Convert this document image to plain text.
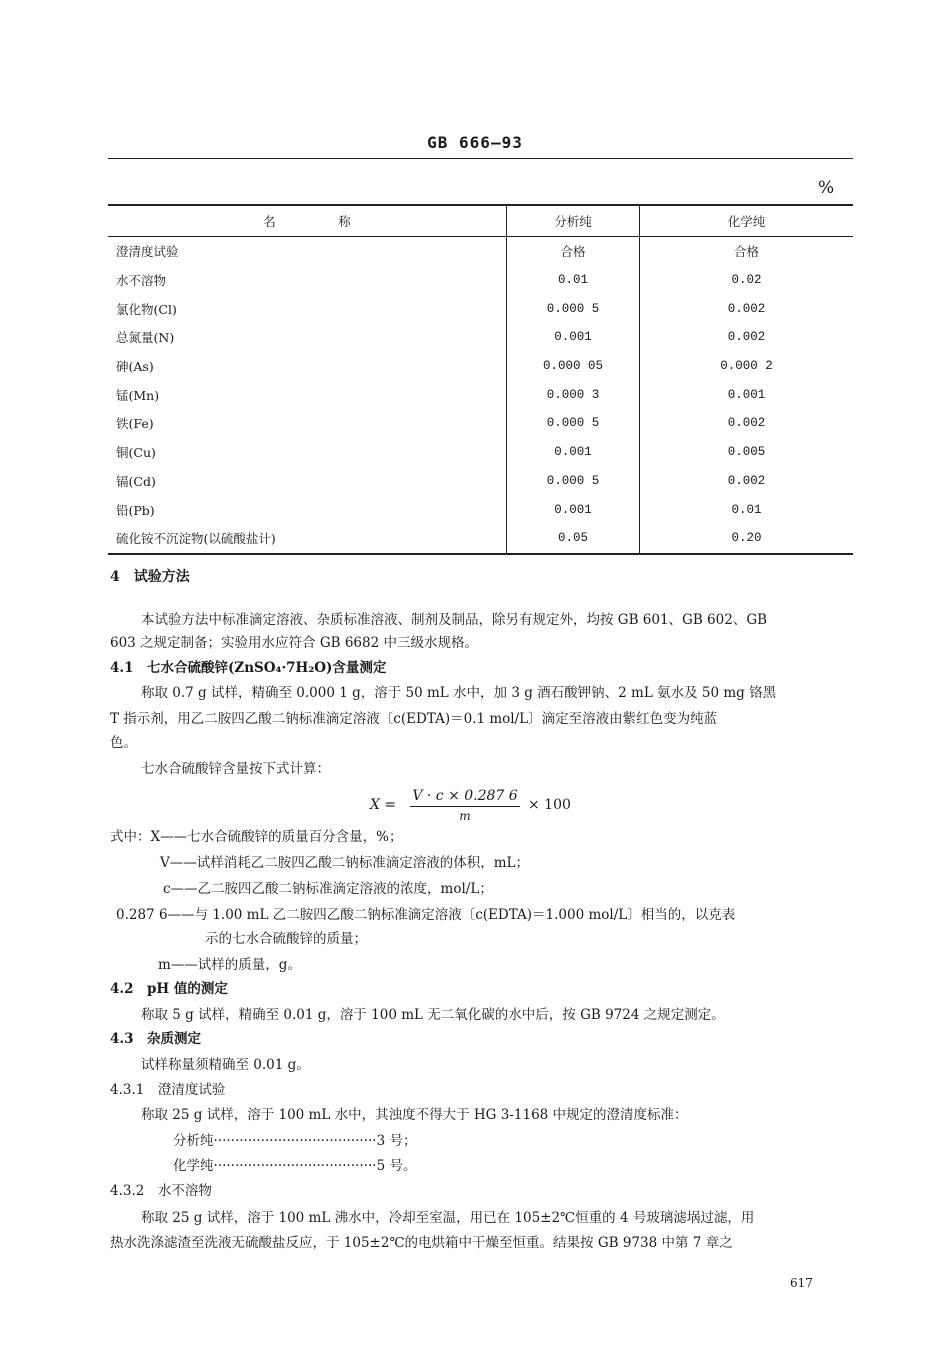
GB 666—93
%
名　　　　　称	分析纯	化学纯
澄清度试验	合格	合格
水不溶物	0.01	0.02
氯化物(Cl)	0.000 5	0.002
总氮量(N)	0.001	0.002
砷(As)	0.000 05	0.000 2
锰(Mn)	0.000 3	0.001
铁(Fe)	0.000 5	0.002
铜(Cu)	0.001	0.005
镉(Cd)	0.000 5	0.002
铅(Pb)	0.001	0.01
硫化铵不沉淀物(以硫酸盐计)	0.05	0.20
4　试验方法
本试验方法中标准滴定溶液、杂质标准溶液、制剂及制品，除另有规定外，均按 GB 601、GB 602、GB
603 之规定制备；实验用水应符合 GB 6682 中三级水规格。
4.1　七水合硫酸锌(ZnSO₄·7H₂O)含量测定
称取 0.7 g 试样，精确至 0.000 1 g，溶于 50 mL 水中，加 3 g 酒石酸钾钠、2 mL 氨水及 50 mg 铬黑
T 指示剂，用乙二胺四乙酸二钠标准滴定溶液〔c(EDTA)＝0.1 mol/L〕滴定至溶液由紫红色变为纯蓝
色。
七水合硫酸锌含量按下式计算：
X =
V · c × 0.287 6
m
× 100
式中：X——七水合硫酸锌的质量百分含量，%；
V——试样消耗乙二胺四乙酸二钠标准滴定溶液的体积，mL；
c——乙二胺四乙酸二钠标准滴定溶液的浓度，mol/L；
0.287 6——与 1.00 mL 乙二胺四乙酸二钠标准滴定溶液〔c(EDTA)＝1.000 mol/L〕相当的，以克表
示的七水合硫酸锌的质量；
m——试样的质量，g。
4.2　pH 值的测定
称取 5 g 试样，精确至 0.01 g，溶于 100 mL 无二氧化碳的水中后，按 GB 9724 之规定测定。
4.3　杂质测定
试样称量须精确至 0.01 g。
4.3.1　澄清度试验
称取 25 g 试样，溶于 100 mL 水中，其浊度不得大于 HG 3-1168 中规定的澄清度标准：
分析纯······································3 号；
化学纯······································5 号。
4.3.2　水不溶物
称取 25 g 试样，溶于 100 mL 沸水中，冷却至室温，用已在 105±2℃恒重的 4 号玻璃滤埚过滤，用
热水洗涤滤渣至洗液无硫酸盐反应，于 105±2℃的电烘箱中干燥至恒重。结果按 GB 9738 中第 7 章之
617
